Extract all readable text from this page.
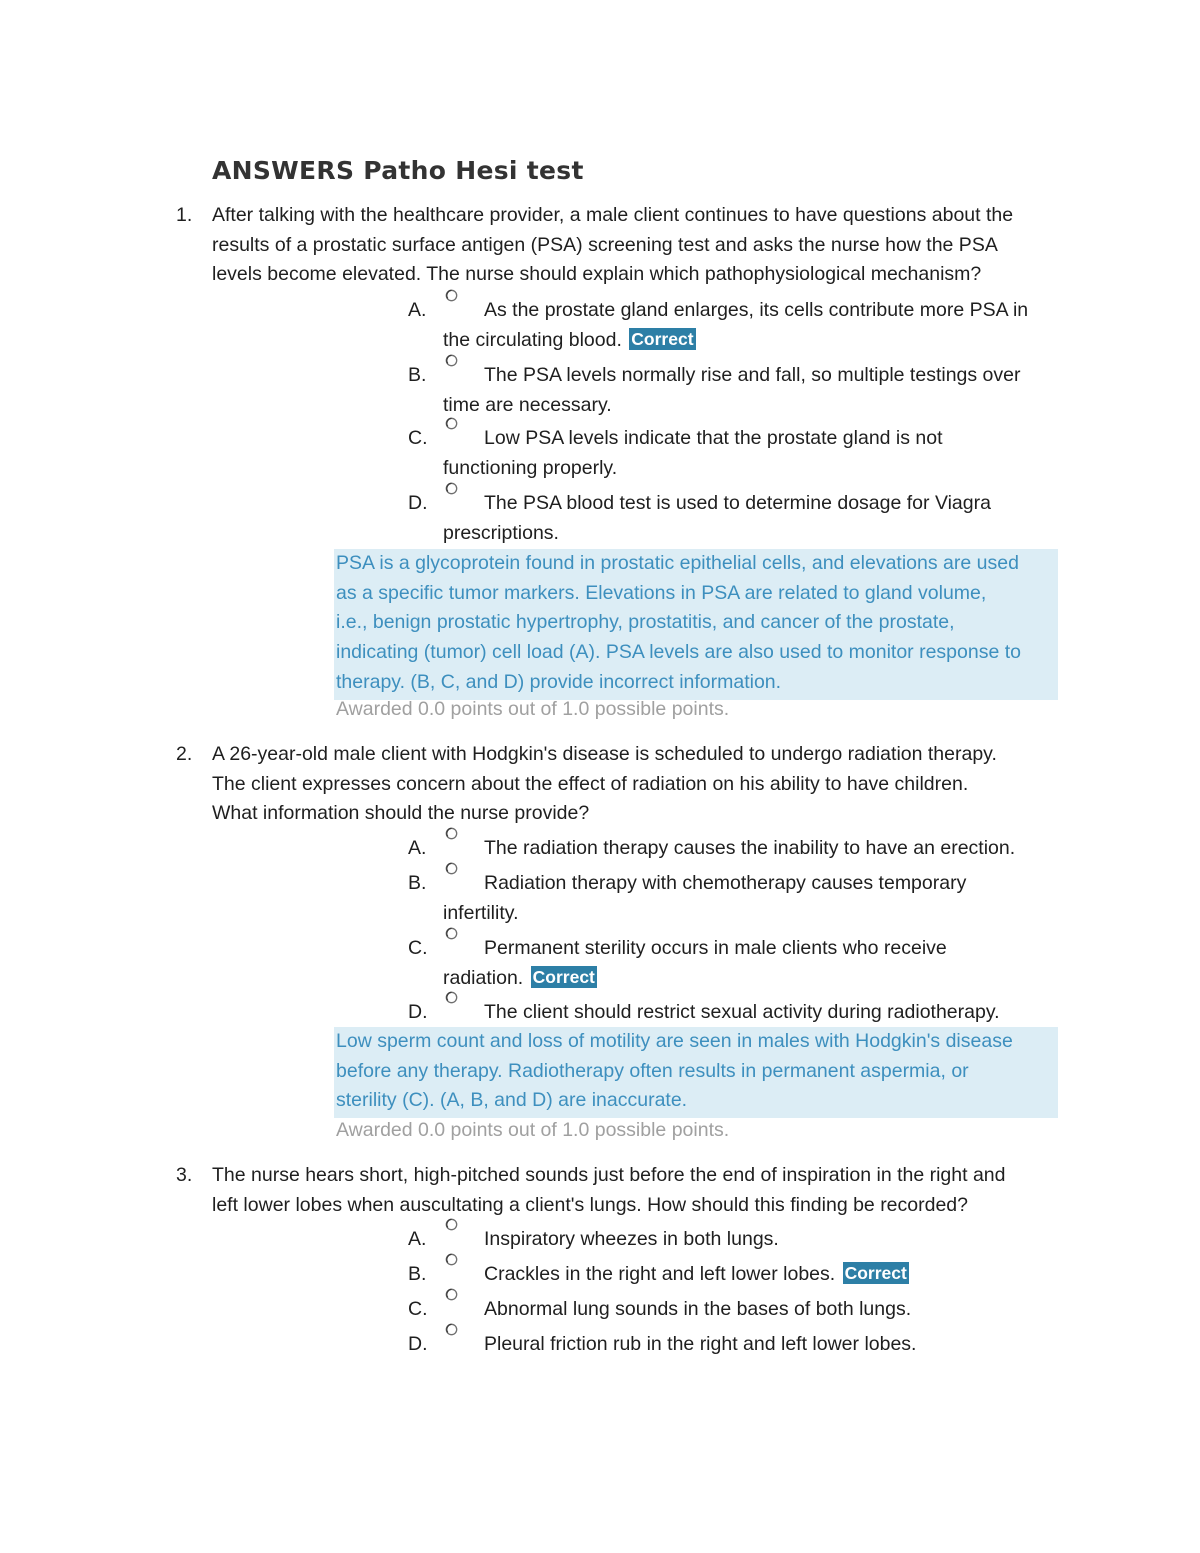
ANSWERS Patho Hesi test
1. After talking with the healthcare provider, a male client continues to have questions about the
results of a prostatic surface antigen (PSA) screening test and asks the nurse how the PSA
levels become elevated. The nurse should explain which pathophysiological mechanism?
A.	As the prostate gland enlarges, its cells contribute more PSA in
the circulating blood. Correct
B.	The PSA levels normally rise and fall, so multiple testings over
time are necessary.
C.	Low PSA levels indicate that the prostate gland is not
functioning properly.
D.	The PSA blood test is used to determine dosage for Viagra
prescriptions.
PSA is a glycoprotein found in prostatic epithelial cells, and elevations are used
as a specific tumor markers. Elevations in PSA are related to gland volume,
i.e., benign prostatic hypertrophy, prostatitis, and cancer of the prostate,
indicating (tumor) cell load (A). PSA levels are also used to monitor response to
therapy. (B, C, and D) provide incorrect information.
Awarded 0.0 points out of 1.0 possible points.
2. A 26-year-old male client with Hodgkin's disease is scheduled to undergo radiation therapy.
The client expresses concern about the effect of radiation on his ability to have children.
What information should the nurse provide?
A.	The radiation therapy causes the inability to have an erection.
B.	Radiation therapy with chemotherapy causes temporary
infertility.
C.	Permanent sterility occurs in male clients who receive
radiation. Correct
D.	The client should restrict sexual activity during radiotherapy.
Low sperm count and loss of motility are seen in males with Hodgkin's disease
before any therapy. Radiotherapy often results in permanent aspermia, or
sterility (C). (A, B, and D) are inaccurate.
Awarded 0.0 points out of 1.0 possible points.
3. The nurse hears short, high-pitched sounds just before the end of inspiration in the right and
left lower lobes when auscultating a client's lungs. How should this finding be recorded?
A.	Inspiratory wheezes in both lungs.
B.	Crackles in the right and left lower lobes. Correct
C.	Abnormal lung sounds in the bases of both lungs.
D.	Pleural friction rub in the right and left lower lobes.
